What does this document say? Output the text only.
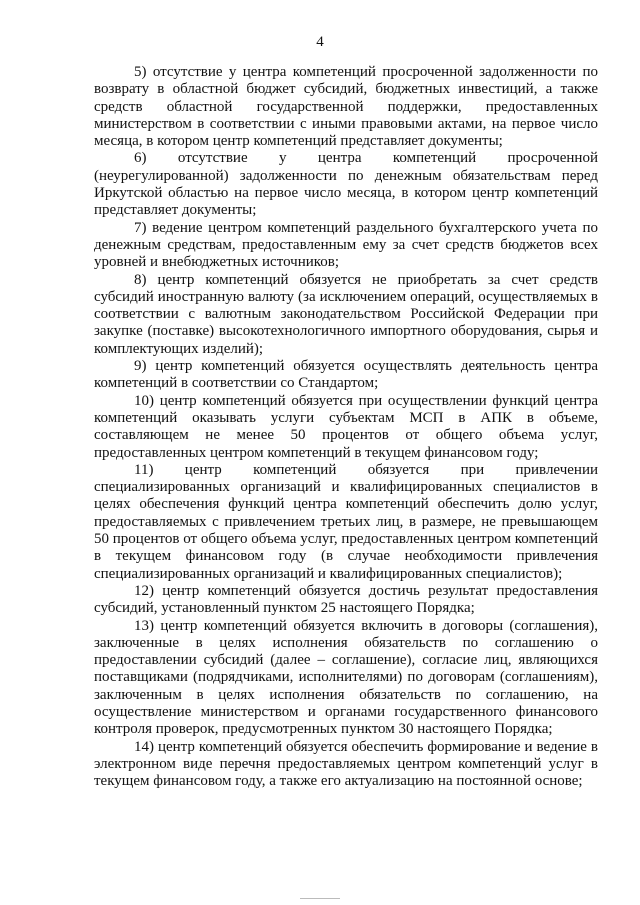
4

5) отсутствие у центра компетенций просроченной задолженности по возврату в областной бюджет субсидий, бюджетных инвестиций, а также средств областной государственной поддержки, предоставленных министерством в соответствии с иными правовыми актами, на первое число месяца, в котором центр компетенций представляет документы;

6) отсутствие у центра компетенций просроченной (неурегулированной) задолженности по денежным обязательствам перед Иркутской областью на первое число месяца, в котором центр компетенций представляет документы;

7) ведение центром компетенций раздельного бухгалтерского учета по денежным средствам, предоставленным ему за счет средств бюджетов всех уровней и внебюджетных источников;

8) центр компетенций обязуется не приобретать за счет средств субсидий иностранную валюту (за исключением операций, осуществляемых в соответствии с валютным законодательством Российской Федерации при закупке (поставке) высокотехнологичного импортного оборудования, сырья и комплектующих изделий);

9) центр компетенций обязуется осуществлять деятельность центра компетенций в соответствии со Стандартом;

10) центр компетенций обязуется при осуществлении функций центра компетенций оказывать услуги субъектам МСП в АПК в объеме, составляющем не менее 50 процентов от общего объема услуг, предоставленных центром компетенций в текущем финансовом году;

11) центр компетенций обязуется при привлечении специализированных организаций и квалифицированных специалистов в целях обеспечения функций центра компетенций обеспечить долю услуг, предоставляемых с привлечением третьих лиц, в размере, не превышающем 50 процентов от общего объема услуг, предоставленных центром компетенций в текущем финансовом году (в случае необходимости привлечения специализированных организаций и квалифицированных специалистов);

12) центр компетенций обязуется достичь результат предоставления субсидий, установленный пунктом 25 настоящего Порядка;

13) центр компетенций обязуется включить в договоры (соглашения), заключенные в целях исполнения обязательств по соглашению о предоставлении субсидий (далее – соглашение), согласие лиц, являющихся поставщиками (подрядчиками, исполнителями) по договорам (соглашениям), заключенным в целях исполнения обязательств по соглашению, на осуществление министерством и органами государственного финансового контроля проверок, предусмотренных пунктом 30 настоящего Порядка;

14) центр компетенций обязуется обеспечить формирование и ведение в электронном виде перечня предоставляемых центром компетенций услуг в текущем финансовом году, а также его актуализацию на постоянной основе;
